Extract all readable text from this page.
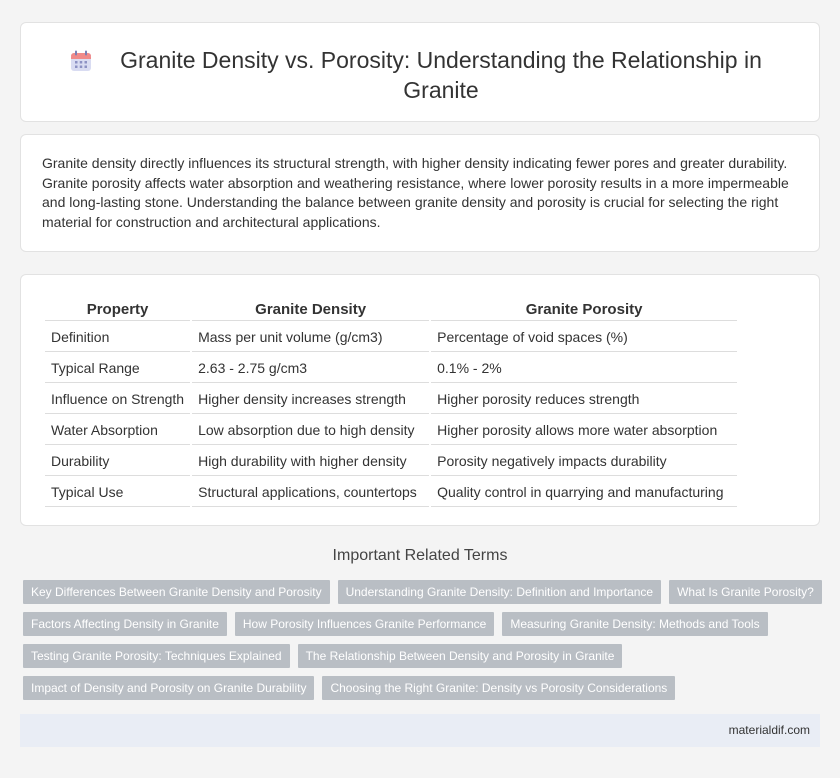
Granite Density vs. Porosity: Understanding the Relationship in Granite

Granite density directly influences its structural strength, with higher density indicating fewer pores and greater durability. Granite porosity affects water absorption and weathering resistance, where lower porosity results in a more impermeable and long-lasting stone. Understanding the balance between granite density and porosity is crucial for selecting the right material for construction and architectural applications.

Property	Granite Density	Granite Porosity
Definition	Mass per unit volume (g/cm3)	Percentage of void spaces (%)
Typical Range	2.63 - 2.75 g/cm3	0.1% - 2%
Influence on Strength	Higher density increases strength	Higher porosity reduces strength
Water Absorption	Low absorption due to high density	Higher porosity allows more water absorption
Durability	High durability with higher density	Porosity negatively impacts durability
Typical Use	Structural applications, countertops	Quality control in quarrying and manufacturing
Important Related Terms
Key Differences Between Granite Density and Porosity	Understanding Granite Density: Definition and Importance	What Is Granite Porosity?
Factors Affecting Density in Granite	How Porosity Influences Granite Performance	Measuring Granite Density: Methods and Tools
Testing Granite Porosity: Techniques Explained	The Relationship Between Density and Porosity in Granite
Impact of Density and Porosity on Granite Durability	Choosing the Right Granite: Density vs Porosity Considerations
materialdif.com
